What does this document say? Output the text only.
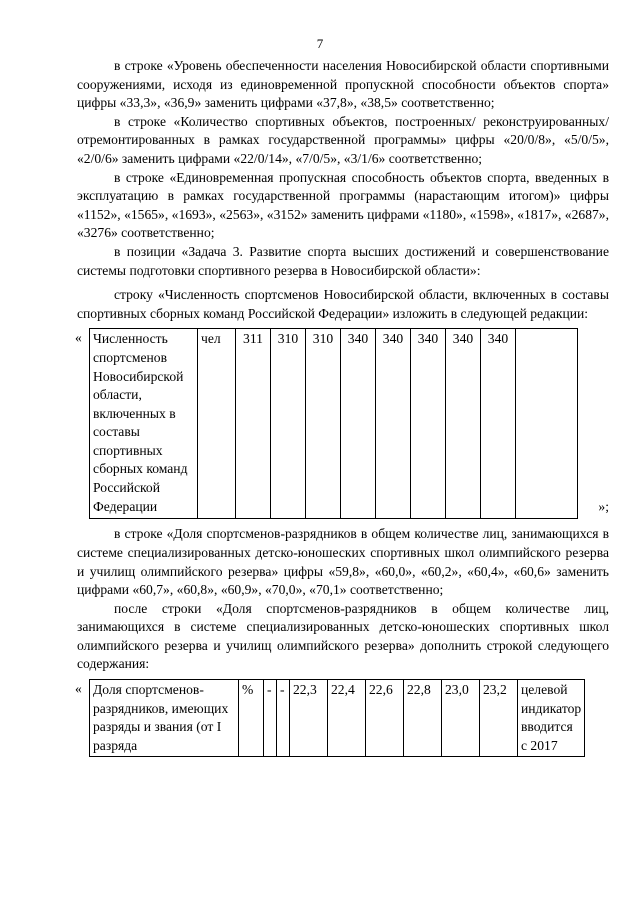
7

в строке «Уровень обеспеченности населения Новосибирской области спортивными сооружениями, исходя из единовременной пропускной способности объектов спорта» цифры «33,3», «36,9» заменить цифрами «37,8», «38,5» соответственно;

в строке «Количество спортивных объектов, построенных/ реконструированных/ отремонтированных в рамках государственной программы» цифры «20/0/8», «5/0/5», «2/0/6» заменить цифрами «22/0/14», «7/0/5», «3/1/6» соответственно;

в строке «Единовременная пропускная способность объектов спорта, введенных в эксплуатацию в рамках государственной программы (нарастающим итогом)» цифры «1152», «1565», «1693», «2563», «3152» заменить цифрами «1180», «1598», «1817», «2687», «3276» соответственно;

в позиции «Задача 3. Развитие спорта высших достижений и совершенствование системы подготовки спортивного резерва в Новосибирской области»:

строку «Численность спортсменов Новосибирской области, включенных в составы спортивных сборных команд Российской Федерации» изложить в следующей редакции:

« Численность спортсменов Новосибирской области, включенных в составы спортивных сборных команд Российской Федерации	чел	311	310	310	340	340	340	340	340	
»;

в строке «Доля спортсменов-разрядников в общем количестве лиц, занимающихся в системе специализированных детско-юношеских спортивных школ олимпийского резерва и училищ олимпийского резерва» цифры «59,8», «60,0», «60,2», «60,4», «60,6» заменить цифрами «60,7», «60,8», «60,9», «70,0», «70,1» соответственно;

после строки «Доля спортсменов-разрядников в общем количестве лиц, занимающихся в системе специализированных детско-юношеских спортивных школ олимпийского резерва и училищ олимпийского резерва» дополнить строкой следующего содержания:

« Доля спортсменов-разрядников, имеющих разряды и звания (от I разряда	%	-	-	22,3	22,4	22,6	22,8	23,0	23,2	целевой индикатор вводится с 2017
